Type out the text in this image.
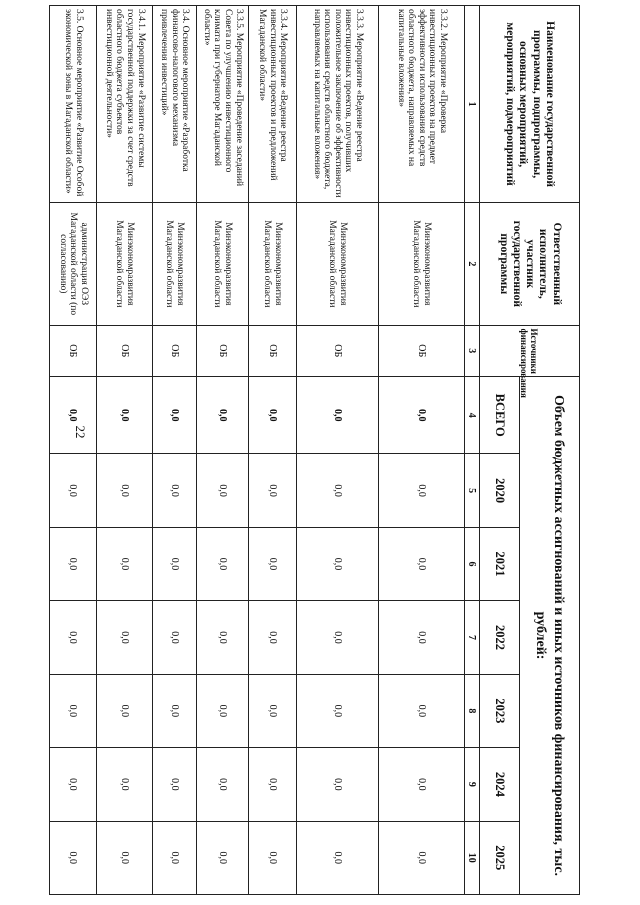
22
Наименование государственной программы, подпрограммы, основных мероприятий, мероприятий, подмероприятий	Ответственный исполнитель, участник государственной программы	Источники финансирования	Объем бюджетных ассигнований и иных источников финансирования, тыс. рублей:						
			ВСЕГО	2020	2021	2022	2023	2024	2025
1	2	3	4	5	6	7	8	9	10
3.3.2. Мероприятие «Проверка инвестиционных проектов на предмет эффективности использования средств областного бюджета, направляемых на капитальные вложения»	Минэкономразвития Магаданской области	ОБ	0,0	0,0	0,0	0,0	0,0	0,0	0,0
3.3.3. Мероприятие «Ведение реестра инвестиционных проектов, получивших положительное заключение об эффективности использования средств областного бюджета, направляемых на капитальные вложения»	Минэкономразвития Магаданской области	ОБ	0,0	0,0	0,0	0,0	0,0	0,0	0,0
3.3.4. Мероприятие «Ведение реестра инвестиционных проектов и предложений Магаданской области»	Минэкономразвития Магаданской области	ОБ	0,0	0,0	0,0	0,0	0,0	0,0	0,0
3.3.5. Мероприятие «Проведение заседаний Совета по улучшению инвестиционного климата при губернаторе Магаданской области»	Минэкономразвития Магаданской области	ОБ	0,0	0,0	0,0	0,0	0,0	0,0	0,0
3.4. Основное мероприятие «Разработка финансово-налогового механизма привлечения инвестиций»	Минэкономразвития Магаданской области	ОБ	0,0	0,0	0,0	0,0	0,0	0,0	0,0
3.4.1. Мероприятие «Развитие системы государственной поддержки за счет средств областного бюджета субъектов инвестиционной деятельности»	Минэкономразвития Магаданской области	ОБ	0,0	0,0	0,0	0,0	0,0	0,0	0,0
3.5. Основное мероприятие «Развитие Особой экономической зоны в Магаданской области»	администрация ОЭЗ Магаданской области (по согласованию)	ОБ	0,0	0,0	0,0	0,0	0,0	0,0	0,0
